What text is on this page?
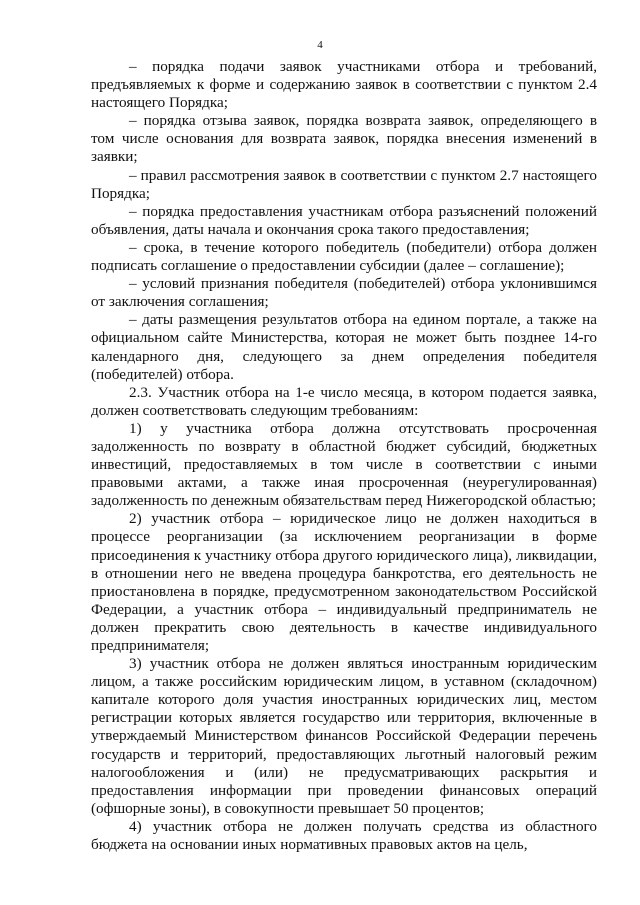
4

– порядка подачи заявок участниками отбора и требований, предъявляемых к форме и содержанию заявок в соответствии с пунктом 2.4 настоящего Порядка;

– порядка отзыва заявок, порядка возврата заявок, определяющего в том числе основания для возврата заявок, порядка внесения изменений в заявки;

– правил рассмотрения заявок в соответствии с пунктом 2.7 настоящего Порядка;

– порядка предоставления участникам отбора разъяснений положений объявления, даты начала и окончания срока такого предоставления;

– срока, в течение которого победитель (победители) отбора должен подписать соглашение о предоставлении субсидии (далее – соглашение);

– условий признания победителя (победителей) отбора уклонившимся от заключения соглашения;

– даты размещения результатов отбора на едином портале, а также на официальном сайте Министерства, которая не может быть позднее 14-го календарного дня, следующего за днем определения победителя (победителей) отбора.

2.3. Участник отбора на 1-е число месяца, в котором подается заявка, должен соответствовать следующим требованиям:

1) у участника отбора должна отсутствовать просроченная задолженность по возврату в областной бюджет субсидий, бюджетных инвестиций, предоставляемых в том числе в соответствии с иными правовыми актами, а также иная просроченная (неурегулированная) задолженность по денежным обязательствам перед Нижегородской областью;

2) участник отбора – юридическое лицо не должен находиться в процессе реорганизации (за исключением реорганизации в форме присоединения к участнику отбора другого юридического лица), ликвидации, в отношении него не введена процедура банкротства, его деятельность не приостановлена в порядке, предусмотренном законодательством Российской Федерации, а участник отбора – индивидуальный предприниматель не должен прекратить свою деятельность в качестве индивидуального предпринимателя;

3) участник отбора не должен являться иностранным юридическим лицом, а также российским юридическим лицом, в уставном (складочном) капитале которого доля участия иностранных юридических лиц, местом регистрации которых является государство или территория, включенные в утверждаемый Министерством финансов Российской Федерации перечень государств и территорий, предоставляющих льготный налоговый режим налогообложения и (или) не предусматривающих раскрытия и предоставления информации при проведении финансовых операций (офшорные зоны), в совокупности превышает 50 процентов;

4) участник отбора не должен получать средства из областного бюджета на основании иных нормативных правовых актов на цель,
